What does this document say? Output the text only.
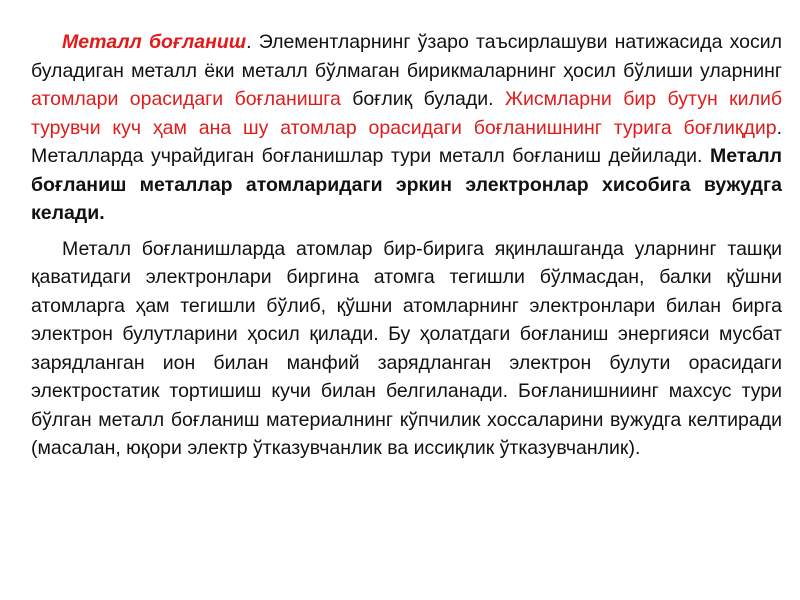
Металл боғланиш. Элементларнинг ўзаро таъсирлашуви натижасида хосил буладиган металл ёки металл бўлмаган бирикмаларнинг ҳосил бўлиши уларнинг атомлари орасидаги боғланишга боғлиқ булади. Жисмларни бир бутун килиб турувчи куч ҳам ана шу атомлар орасидаги боғланишнинг турига боғлиқдир. Металларда учрайдиган боғланишлар тури металл боғланиш дейилади. Металл боғланиш металлар атомларидаги эркин электронлар хисобига вужудга келади.

Металл боғланишларда атомлар бир-бирига яқинлашганда уларнинг ташқи қаватидаги электронлари биргина атомга тегишли бўлмасдан, балки қўшни атомларга ҳам тегишли бўлиб, қўшни атомларнинг электронлари билан бирга электрон булутларини ҳосил қилади. Бу ҳолатдаги боғланиш энергияси мусбат зарядланган ион билан манфий зарядланган электрон булути орасидаги электростатик тортишиш кучи билан белгиланади. Боғланишниинг махсус тури бўлган металл боғланиш материалнинг кўпчилик хоссаларини вужудга келтиради (масалан, юқори электр ўтказувчанлик ва иссиқлик ўтказувчанлик).
